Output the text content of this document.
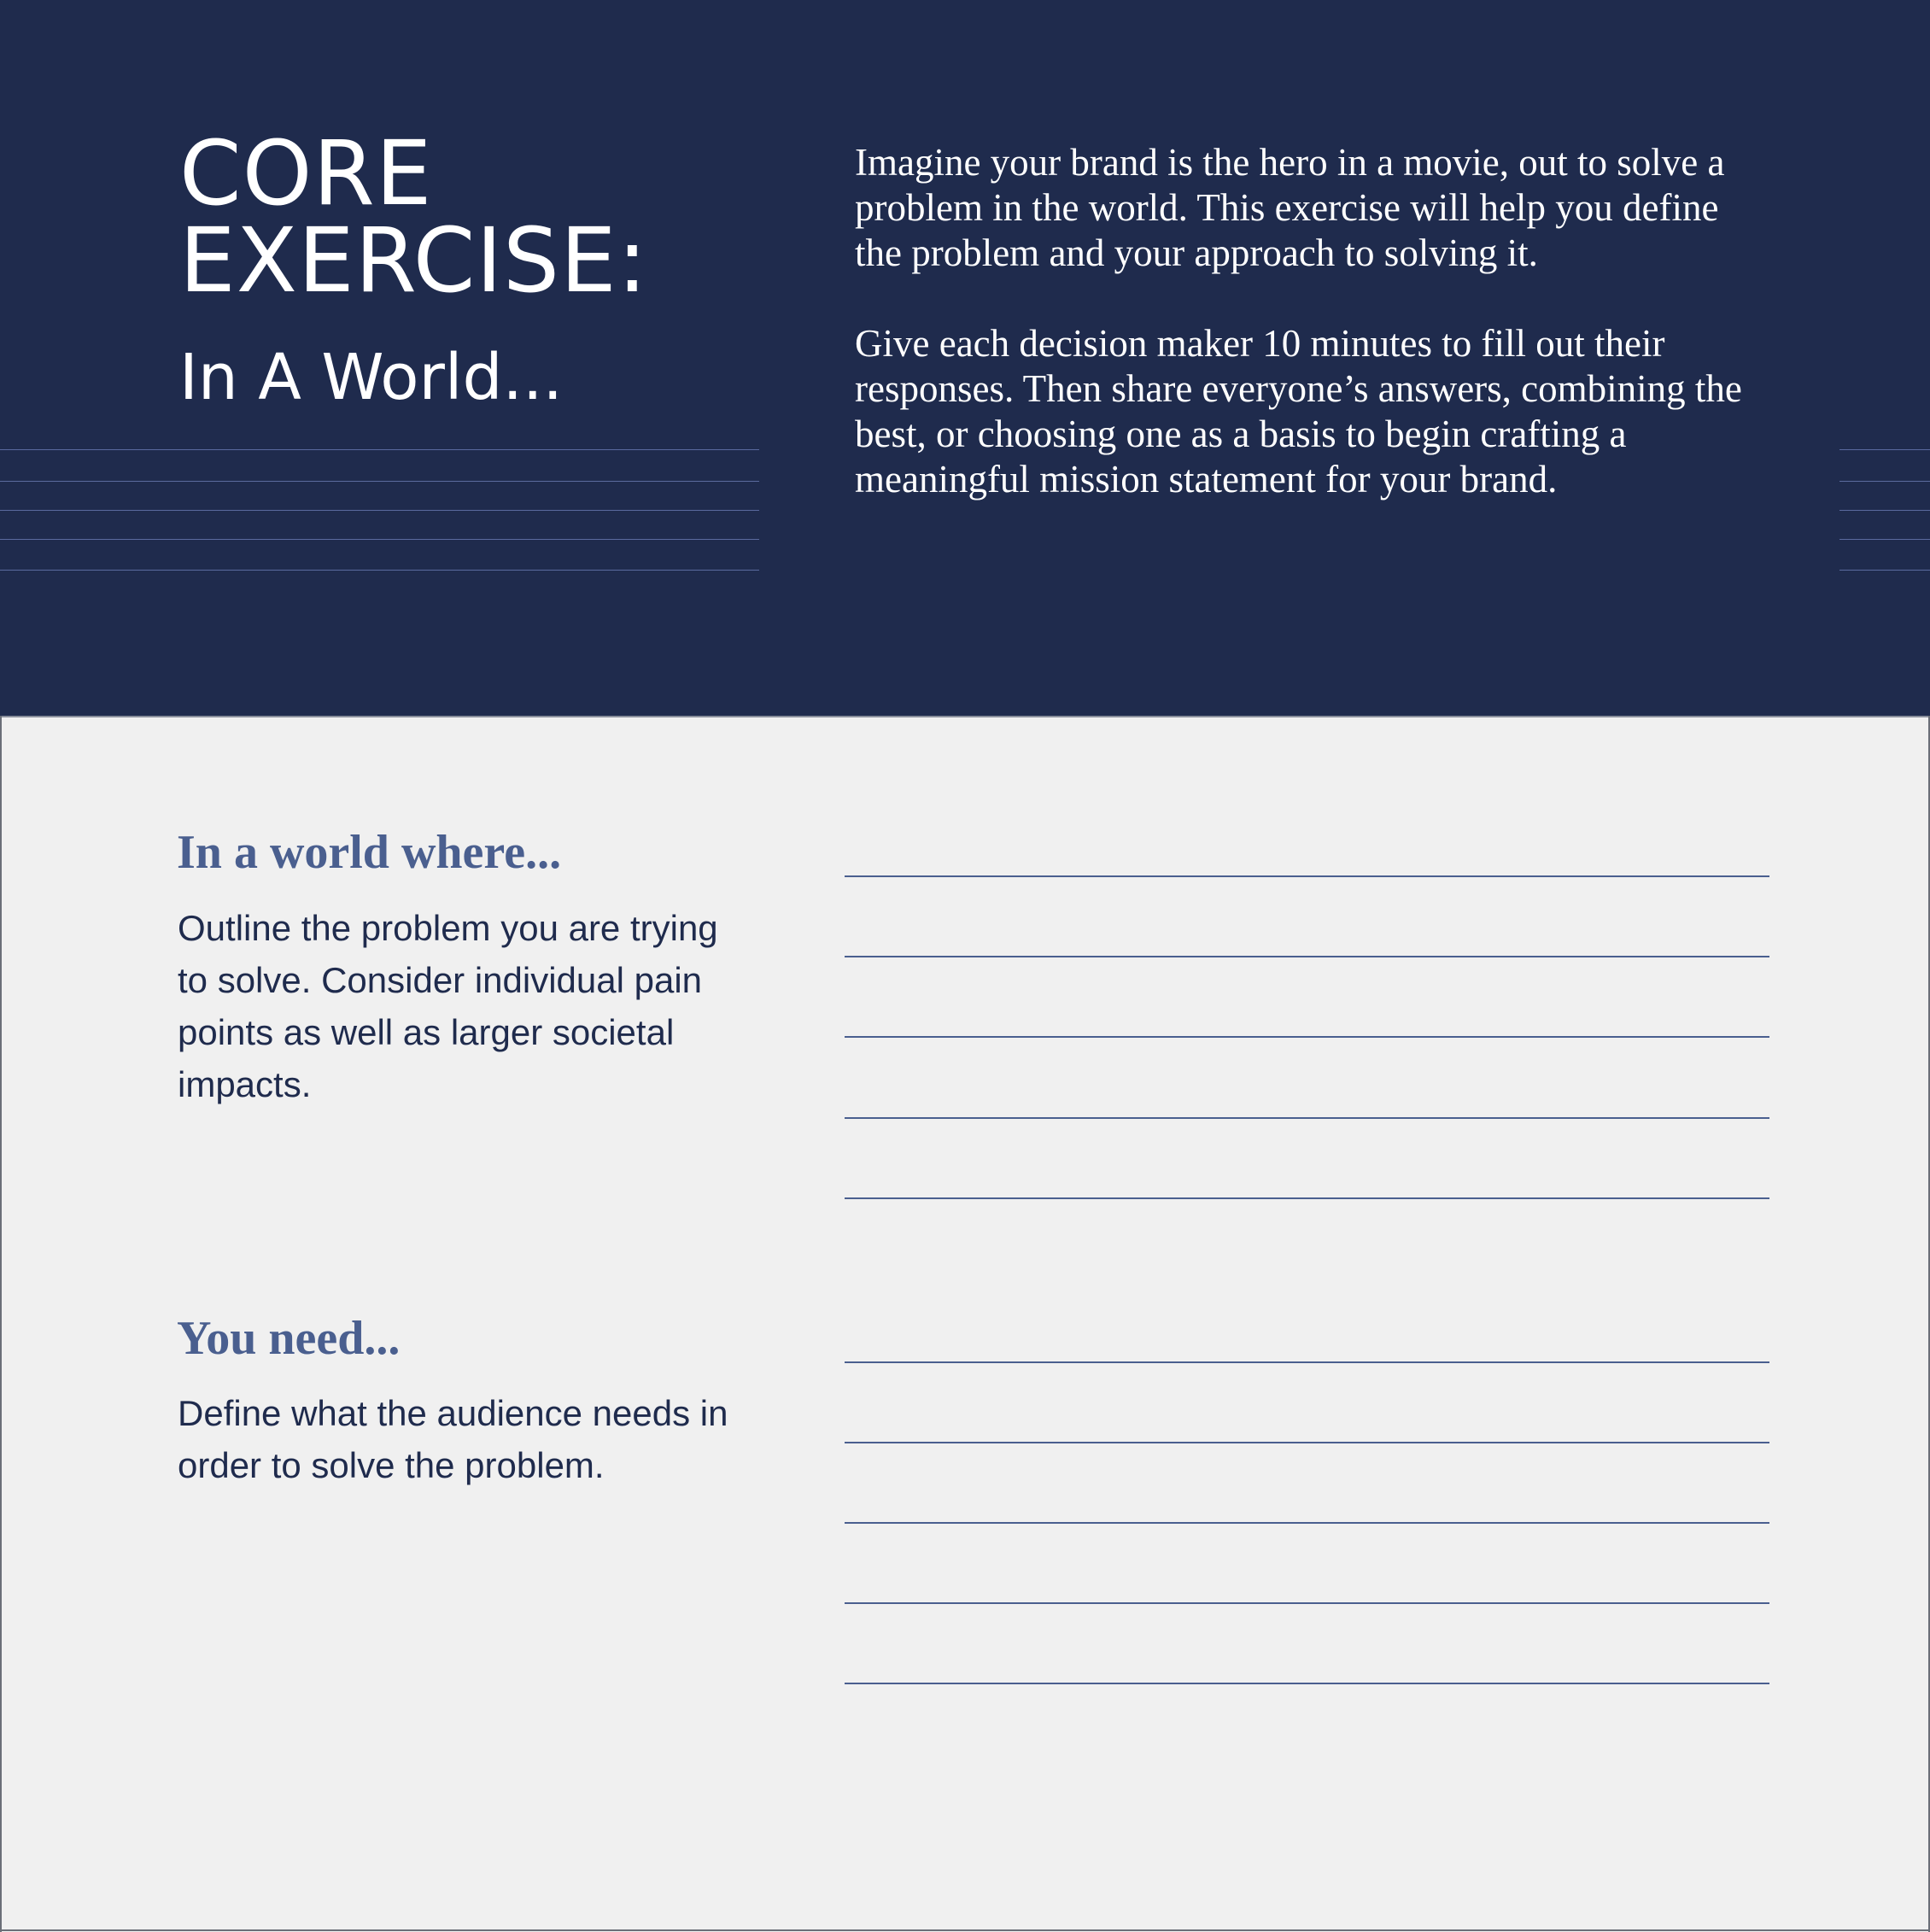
CORE
EXERCISE:
In A World...

Imagine your brand is the hero in a movie, out to solve a problem in the world. This exercise will help you define the problem and your approach to solving it.

Give each decision maker 10 minutes to fill out their responses. Then share everyone’s answers, combining the best, or choosing one as a basis to begin crafting a meaningful mission statement for your brand.

In a world where...

Outline the problem you are trying to solve. Consider individual pain points as well as larger societal impacts.

You need...

Define what the audience needs in order to solve the problem.
